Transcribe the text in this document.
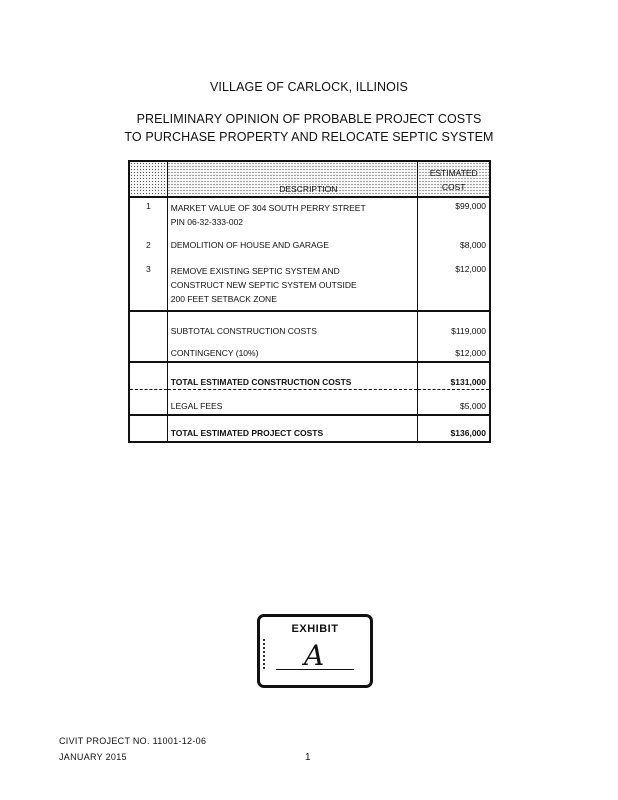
VILLAGE OF CARLOCK, ILLINOIS
PRELIMINARY OPINION OF PROBABLE PROJECT COSTS
TO PURCHASE PROPERTY AND RELOCATE SEPTIC SYSTEM
	DESCRIPTION	ESTIMATED
COST

1	MARKET VALUE OF 304 SOUTH PERRY STREET
PIN 06-32-333-002	$99,000
2	DEMOLITION OF HOUSE AND GARAGE	$8,000
3	REMOVE EXISTING SEPTIC SYSTEM AND
CONSTRUCT NEW SEPTIC SYSTEM OUTSIDE
200 FEET SETBACK ZONE	$12,000
	SUBTOTAL CONSTRUCTION COSTS	$119,000
	CONTINGENCY (10%)	$12,000
	TOTAL ESTIMATED CONSTRUCTION COSTS	$131,000
	LEGAL FEES	$5,000
	TOTAL ESTIMATED PROJECT COSTS	$136,000
EXHIBIT
A
CIVIT PROJECT NO. 11001-12-06
JANUARY 2015	1
